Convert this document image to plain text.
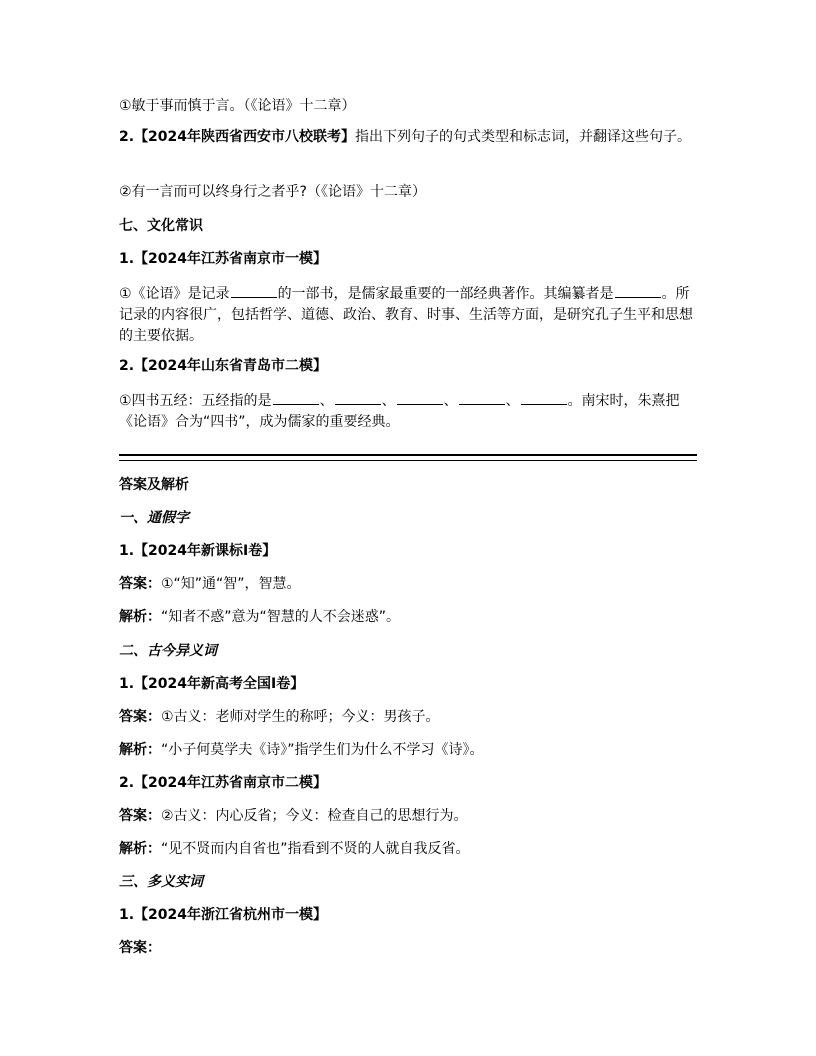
①敏于事而慎于言。（《论语》十二章）
2.【2024年陕西省西安市八校联考】指出下列句子的句式类型和标志词，并翻译这些句子。
②有一言而可以终身行之者乎?（《论语》十二章）
七、文化常识
1.【2024年江苏省南京市一模】
①《论语》是记录	的一部书，是儒家最重要的一部经典著作。其编纂者是	。所记录的内容很广，包括哲学、道德、政治、教育、时事、生活等方面，是研究孔子生平和思想的主要依据。
2.【2024年山东省青岛市二模】
①四书五经：五经指的是	、	、	、	、	。南宋时，朱熹把《论语》合为“四书”，成为儒家的重要经典。
答案及解析
一、通假字
1.【2024年新课标Ⅰ卷】
答案：①“知”通“智”，智慧。
解析：“知者不惑”意为“智慧的人不会迷惑”。
二、古今异义词
1.【2024年新高考全国Ⅰ卷】
答案：①古义：老师对学生的称呼；今义：男孩子。
解析：“小子何莫学夫《诗》”指学生们为什么不学习《诗》。
2.【2024年江苏省南京市二模】
答案：②古义：内心反省；今义：检查自己的思想行为。
解析：“见不贤而内自省也”指看到不贤的人就自我反省。
三、多义实词
1.【2024年浙江省杭州市一模】
答案：
